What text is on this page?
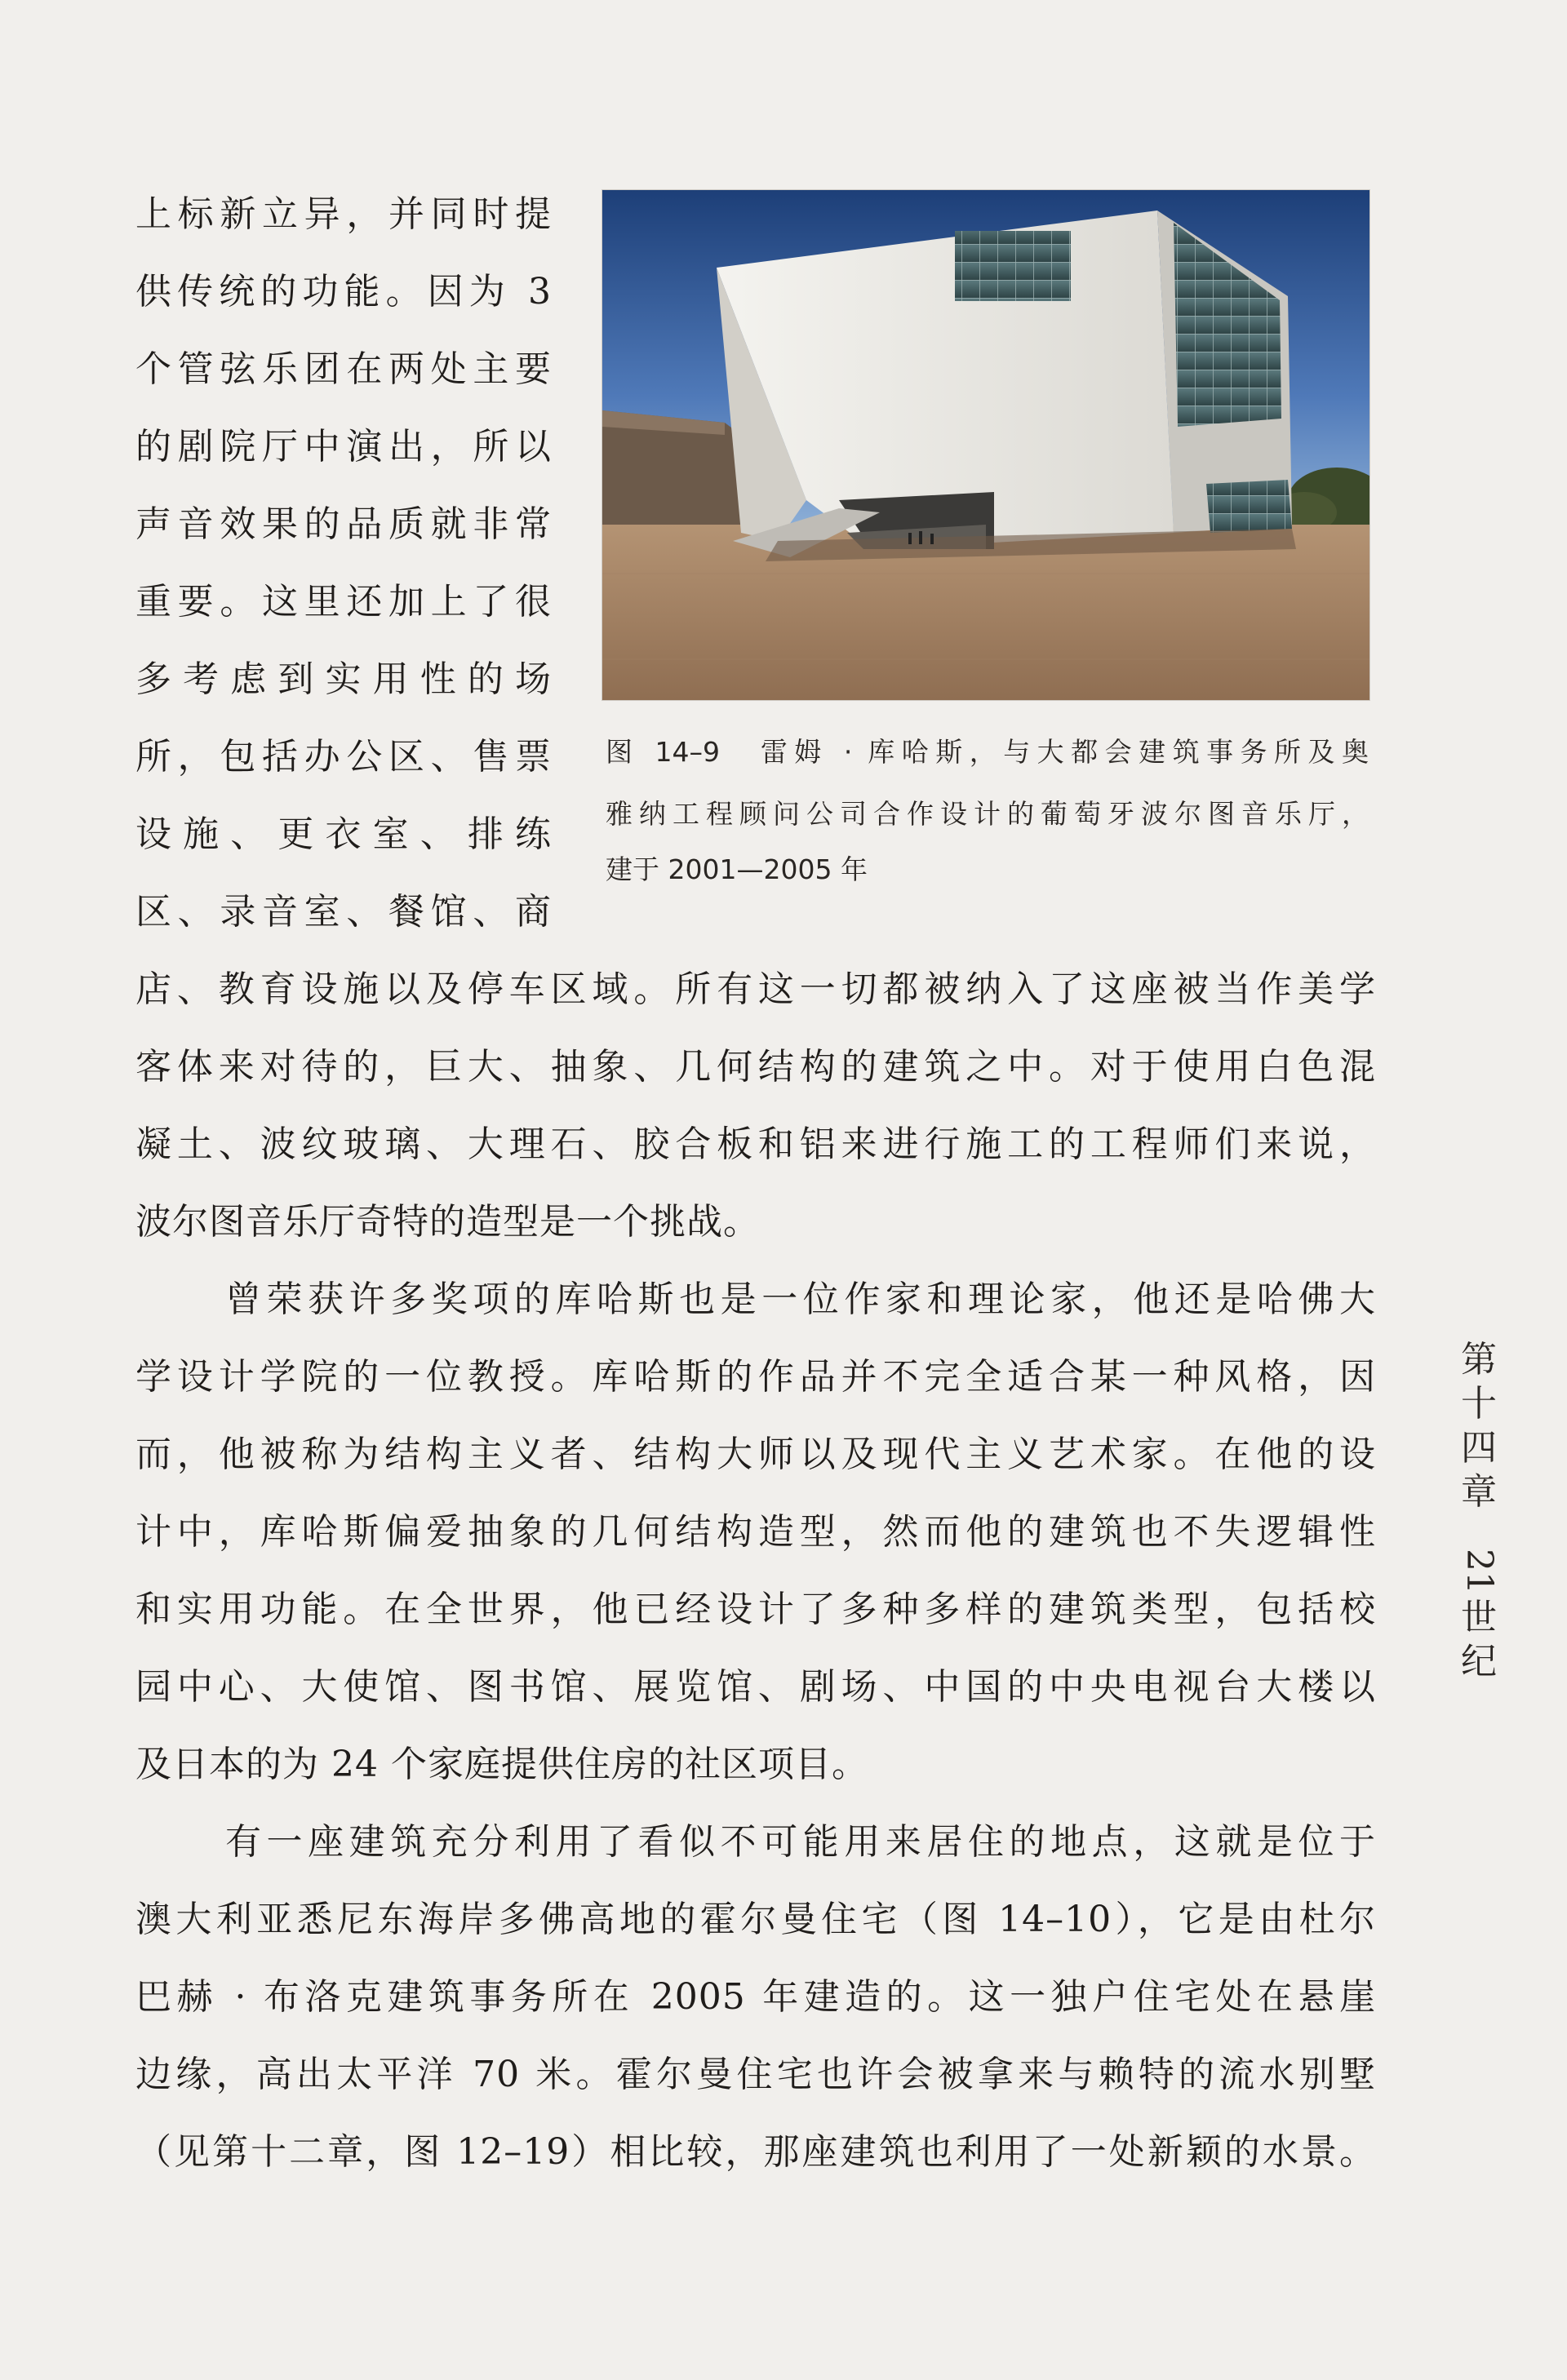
上标新立异，并同时提
供传统的功能。因为 3
个管弦乐团在两处主要
的剧院厅中演出，所以
声音效果的品质就非常
重要。这里还加上了很
多考虑到实用性的场
所，包括办公区、售票
设施、更衣室、排练
区、录音室、餐馆、商
图 14–9　雷姆 · 库哈斯，与大都会建筑事务所及奥
雅纳工程顾问公司合作设计的葡萄牙波尔图音乐厅，
建于 2001—2005 年
店、教育设施以及停车区域。所有这一切都被纳入了这座被当作美学
客体来对待的，巨大、抽象、几何结构的建筑之中。对于使用白色混
凝土、波纹玻璃、大理石、胶合板和铝来进行施工的工程师们来说，
波尔图音乐厅奇特的造型是一个挑战。
曾荣获许多奖项的库哈斯也是一位作家和理论家，他还是哈佛大
学设计学院的一位教授。库哈斯的作品并不完全适合某一种风格，因
而，他被称为结构主义者、结构大师以及现代主义艺术家。在他的设
计中，库哈斯偏爱抽象的几何结构造型，然而他的建筑也不失逻辑性
和实用功能。在全世界，他已经设计了多种多样的建筑类型，包括校
园中心、大使馆、图书馆、展览馆、剧场、中国的中央电视台大楼以
及日本的为 24 个家庭提供住房的社区项目。
有一座建筑充分利用了看似不可能用来居住的地点，这就是位于
澳大利亚悉尼东海岸多佛高地的霍尔曼住宅（图 14–10），它是由杜尔
巴赫 · 布洛克建筑事务所在 2005 年建造的。这一独户住宅处在悬崖
边缘，高出太平洋 70 米。霍尔曼住宅也许会被拿来与赖特的流水别墅
（见第十二章，图 12–19）相比较，那座建筑也利用了一处新颖的水景。
第
十
四
章
21
世
纪
